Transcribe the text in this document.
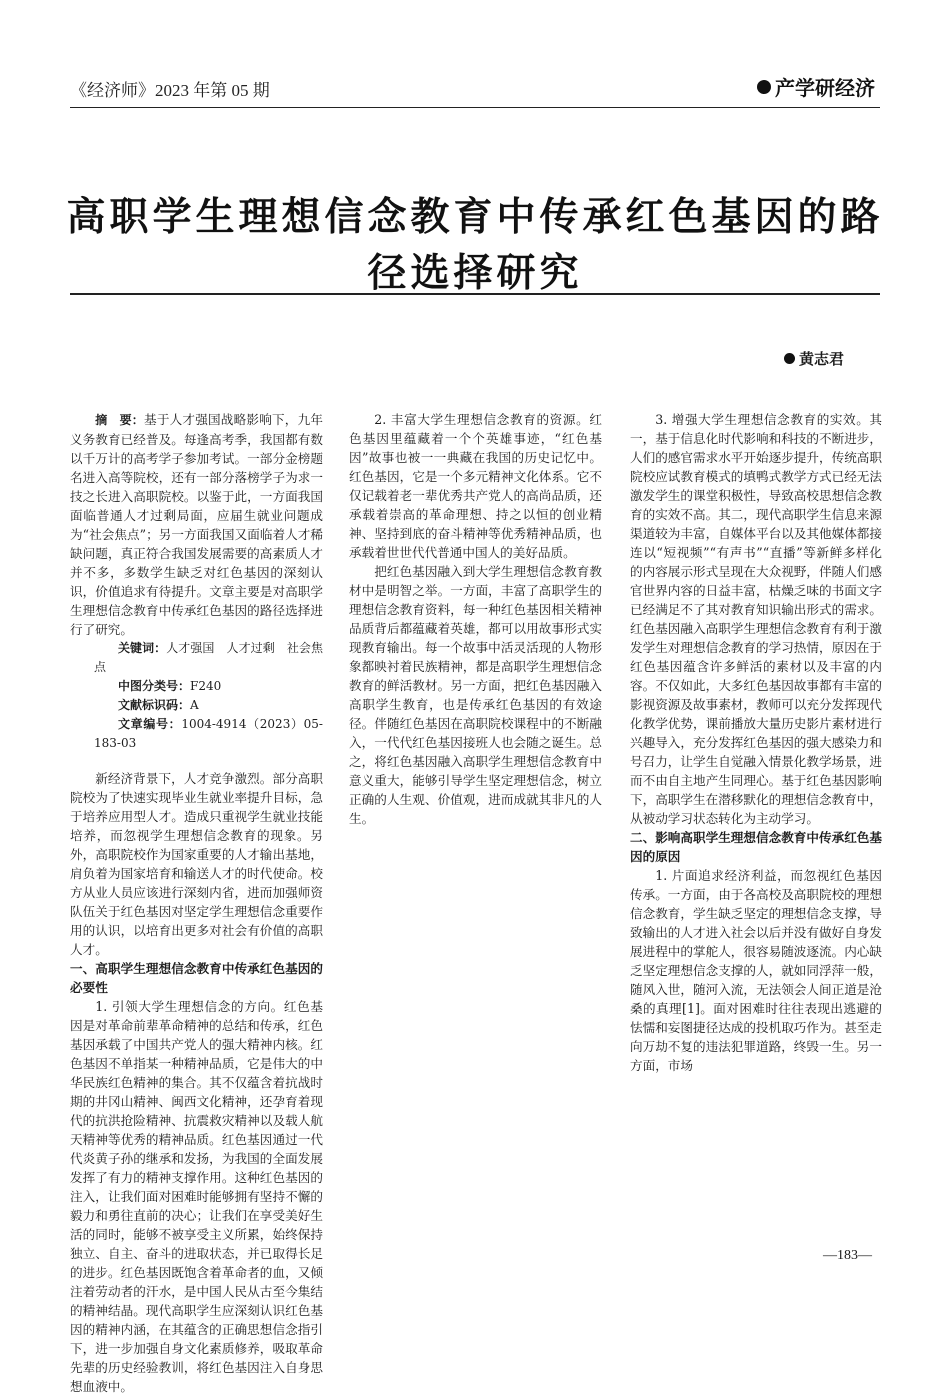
《经济师》2023 年第 05 期	产学研经济
高职学生理想信念教育中传承红色基因的路径选择研究
黄志君

摘　要：基于人才强国战略影响下，九年义务教育已经普及。每逢高考季，我国都有数以千万计的高考学子参加考试。一部分金榜题名进入高等院校，还有一部分落榜学子为求一技之长进入高职院校。以鉴于此，一方面我国面临普通人才过剩局面，应届生就业问题成为“社会焦点”；另一方面我国又面临着人才稀缺问题，真正符合我国发展需要的高素质人才并不多，多数学生缺乏对红色基因的深刻认识，价值追求有待提升。文章主要是对高职学生理想信念教育中传承红色基因的路径选择进行了研究。

关键词：人才强国　人才过剩　社会焦点

中图分类号：F240

文献标识码：A

文章编号：1004-4914（2023）05-183-03

新经济背景下，人才竞争激烈。部分高职院校为了快速实现毕业生就业率提升目标，急于培养应用型人才。造成只重视学生就业技能培养，而忽视学生理想信念教育的现象。另外，高职院校作为国家重要的人才输出基地，肩负着为国家培育和输送人才的时代使命。校方从业人员应该进行深刻内省，进而加强师资队伍关于红色基因对坚定学生理想信念重要作用的认识，以培育出更多对社会有价值的高职人才。

一、高职学生理想信念教育中传承红色基因的必要性

1. 引领大学生理想信念的方向。红色基因是对革命前辈革命精神的总结和传承，红色基因承载了中国共产党人的强大精神内核。红色基因不单指某一种精神品质，它是伟大的中华民族红色精神的集合。其不仅蕴含着抗战时期的井冈山精神、闽西文化精神，还孕育着现代的抗洪抢险精神、抗震救灾精神以及载人航天精神等优秀的精神品质。红色基因通过一代代炎黄子孙的继承和发扬，为我国的全面发展发挥了有力的精神支撑作用。这种红色基因的注入，让我们面对困难时能够拥有坚持不懈的毅力和勇往直前的决心；让我们在享受美好生活的同时，能够不被享受主义所累，始终保持独立、自主、奋斗的进取状态，并已取得长足的进步。红色基因既饱含着革命者的血，又倾注着劳动者的汗水，是中国人民从古至今集结的精神结晶。现代高职学生应深刻认识红色基因的精神内涵，在其蕴含的正确思想信念指引下，进一步加强自身文化素质修养，吸取革命先辈的历史经验教训，将红色基因注入自身思想血液中。

2. 丰富大学生理想信念教育的资源。红色基因里蕴藏着一个个英雄事迹，“红色基因”故事也被一一典藏在我国的历史记忆中。红色基因，它是一个多元精神文化体系。它不仅记载着老一辈优秀共产党人的高尚品质，还承载着崇高的革命理想、持之以恒的创业精神、坚持到底的奋斗精神等优秀精神品质，也承载着世世代代普通中国人的美好品质。

把红色基因融入到大学生理想信念教育教材中是明智之举。一方面，丰富了高职学生的理想信念教育资料，每一种红色基因相关精神品质背后都蕴藏着英雄，都可以用故事形式实现教育输出。每一个故事中活灵活现的人物形象都映衬着民族精神，都是高职学生理想信念教育的鲜活教材。另一方面，把红色基因融入高职学生教育，也是传承红色基因的有效途径。伴随红色基因在高职院校课程中的不断融入，一代代红色基因接班人也会随之诞生。总之，将红色基因融入高职学生理想信念教育中意义重大，能够引导学生坚定理想信念，树立正确的人生观、价值观，进而成就其非凡的人生。

3. 增强大学生理想信念教育的实效。其一，基于信息化时代影响和科技的不断进步，人们的感官需求水平开始逐步提升，传统高职院校应试教育模式的填鸭式教学方式已经无法激发学生的课堂积极性，导致高校思想信念教育的实效不高。其二，现代高职学生信息来源渠道较为丰富，自媒体平台以及其他媒体都接连以“短视频”“有声书”“直播”等新鲜多样化的内容展示形式呈现在大众视野，伴随人们感官世界内容的日益丰富，枯燥乏味的书面文字已经满足不了其对教育知识输出形式的需求。红色基因融入高职学生理想信念教育有利于激发学生对理想信念教育的学习热情，原因在于红色基因蕴含许多鲜活的素材以及丰富的内容。不仅如此，大多红色基因故事都有丰富的影视资源及故事素材，教师可以充分发挥现代化教学优势，课前播放大量历史影片素材进行兴趣导入，充分发挥红色基因的强大感染力和号召力，让学生自觉融入情景化教学场景，进而不由自主地产生同理心。基于红色基因影响下，高职学生在潜移默化的理想信念教育中，从被动学习状态转化为主动学习。

二、影响高职学生理想信念教育中传承红色基因的原因

1. 片面追求经济利益，而忽视红色基因传承。一方面，由于各高校及高职院校的理想信念教育，学生缺乏坚定的理想信念支撑，导致输出的人才进入社会以后并没有做好自身发展进程中的掌舵人，很容易随波逐流。内心缺乏坚定理想信念支撑的人，就如同浮萍一般，随风入世，随河入流，无法领会人间正道是沧桑的真理[1]。面对困难时往往表现出逃避的怯懦和妄图捷径达成的投机取巧作为。甚至走向万劫不复的违法犯罪道路，终毁一生。另一方面，市场

—183—
